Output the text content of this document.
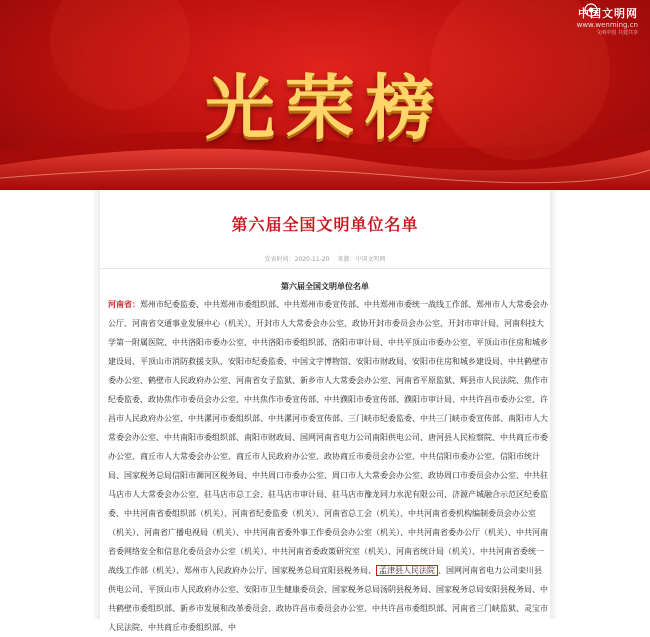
中国文明网
www.wenming.cn
文明中国 共建共享
光荣榜
第六届全国文明单位名单
发表时间：2020-11-20 来源：中国文明网
第六届全国文明单位名单
河南省：郑州市纪委监委、中共郑州市委组织部、中共郑州市委宣传部、中共郑州市委统一战线工作部、郑州市人大常委会办公厅、河南省交通事业发展中心（机关）、开封市人大常委会办公室、政协开封市委员会办公室、开封市审计局、河南科技大学第一附属医院、中共洛阳市委办公室、中共洛阳市委组织部、洛阳市审计局、中共平顶山市委办公室、平顶山市住房和城乡建设局、平顶山市消防救援支队、安阳市纪委监委、中国文字博物馆、安阳市财政局、安阳市住房和城乡建设局、中共鹤壁市委办公室、鹤壁市人民政府办公室、河南省女子监狱、新乡市人大常委会办公室、河南省平原监狱、辉县市人民法院、焦作市纪委监委、政协焦作市委员会办公室、中共焦作市委宣传部、中共濮阳市委宣传部、濮阳市审计局、中共许昌市委办公室、许昌市人民政府办公室、中共漯河市委组织部、中共漯河市委宣传部、三门峡市纪委监委、中共三门峡市委宣传部、南阳市人大常委会办公室、中共南阳市委组织部、南阳市财政局、国网河南省电力公司南阳供电公司、唐河县人民检察院、中共商丘市委办公室、商丘市人大常委会办公室、商丘市人民政府办公室、政协商丘市委员会办公室、中共信阳市委办公室、信阳市统计局、国家税务总局信阳市浉河区税务局、中共周口市委办公室、周口市人大常委会办公室、政协周口市委员会办公室、中共驻马店市人大常委会办公室、驻马店市总工会、驻马店市审计局、驻马店市豫龙同力水泥有限公司、济源产城融合示范区纪委监委、中共河南省委组织部（机关）、河南省纪委监委（机关）、河南省总工会（机关）、中共河南省委机构编制委员会办公室（机关）、河南省广播电视局（机关）、中共河南省委外事工作委员会办公室（机关）、中共河南省委办公厅（机关）、中共河南省委网络安全和信息化委员会办公室（机关）、中共河南省委政策研究室（机关）、河南省统计局（机关）、中共河南省委统一战线工作部（机关）、郑州市人民政府办公厅、国家税务总局宜阳县税务局、 孟津县人民法院 、国网河南省电力公司栾川县供电公司、平顶山市人民政府办公室、安阳市卫生健康委员会、国家税务总局汤阴县税务局、国家税务总局安阳县税务局、中共鹤壁市委组织部、新乡市发展和改革委员会、政协许昌市委员会办公室、中共许昌市委组织部、河南省三门峡监狱、灵宝市人民法院、中共商丘市委组织部、中
